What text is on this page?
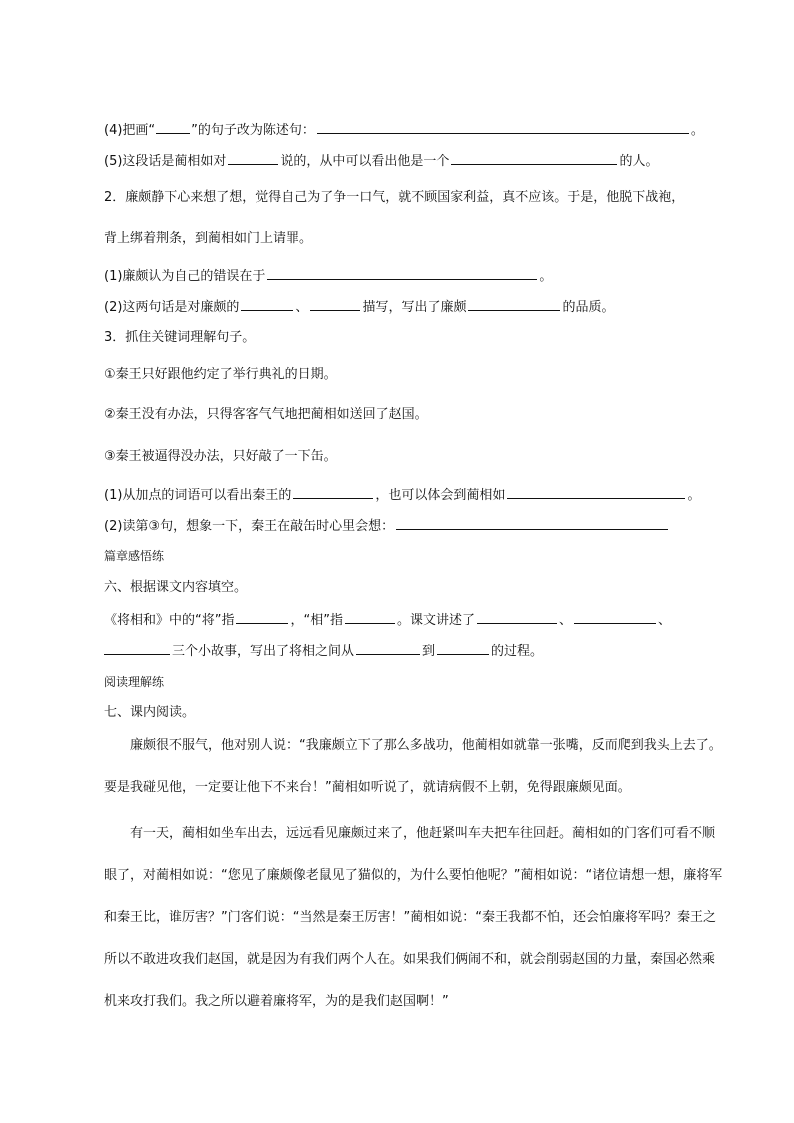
(4)把画“	”的句子改为陈述句：	。
(5)这段话是蔺相如对	说的，从中可以看出他是一个	的人。
2．廉颇静下心来想了想，觉得自己为了争一口气，就不顾国家利益，真不应该。于是，他脱下战袍，
背上绑着荆条，到蔺相如门上请罪。
(1)廉颇认为自己的错误在于	。
(2)这两句话是对廉颇的	、	描写，写出了廉颇	的品质。
3．抓住关键词理解句子。
①秦王只好跟他约定了举行典礼的日期。
②秦王没有办法，只得客客气气地把蔺相如送回了赵国。
③秦王被逼得没办法，只好敲了一下缶。
(1)从加点的词语可以看出秦王的	，也可以体会到蔺相如	。
(2)读第③句，想象一下，秦王在敲缶时心里会想：
篇章感悟练
六、根据课文内容填空。
《将相和》中的“将”指	，“相”指	。课文讲述了	、	、
三个小故事，写出了将相之间从	到	的过程。
阅读理解练
七、课内阅读。
廉颇很不服气，他对别人说：“我廉颇立下了那么多战功，他蔺相如就靠一张嘴，反而爬到我头上去了。要是我碰见他，一定要让他下不来台！”蔺相如听说了，就请病假不上朝，免得跟廉颇见面。
有一天，蔺相如坐车出去，远远看见廉颇过来了，他赶紧叫车夫把车往回赶。蔺相如的门客们可看不顺眼了，对蔺相如说：“您见了廉颇像老鼠见了猫似的，为什么要怕他呢？”蔺相如说：“诸位请想一想，廉将军和秦王比，谁厉害？”门客们说：“当然是秦王厉害！”蔺相如说：“秦王我都不怕，还会怕廉将军吗？秦王之所以不敢进攻我们赵国，就是因为有我们两个人在。如果我们俩闹不和，就会削弱赵国的力量，秦国必然乘机来攻打我们。我之所以避着廉将军，为的是我们赵国啊！”
